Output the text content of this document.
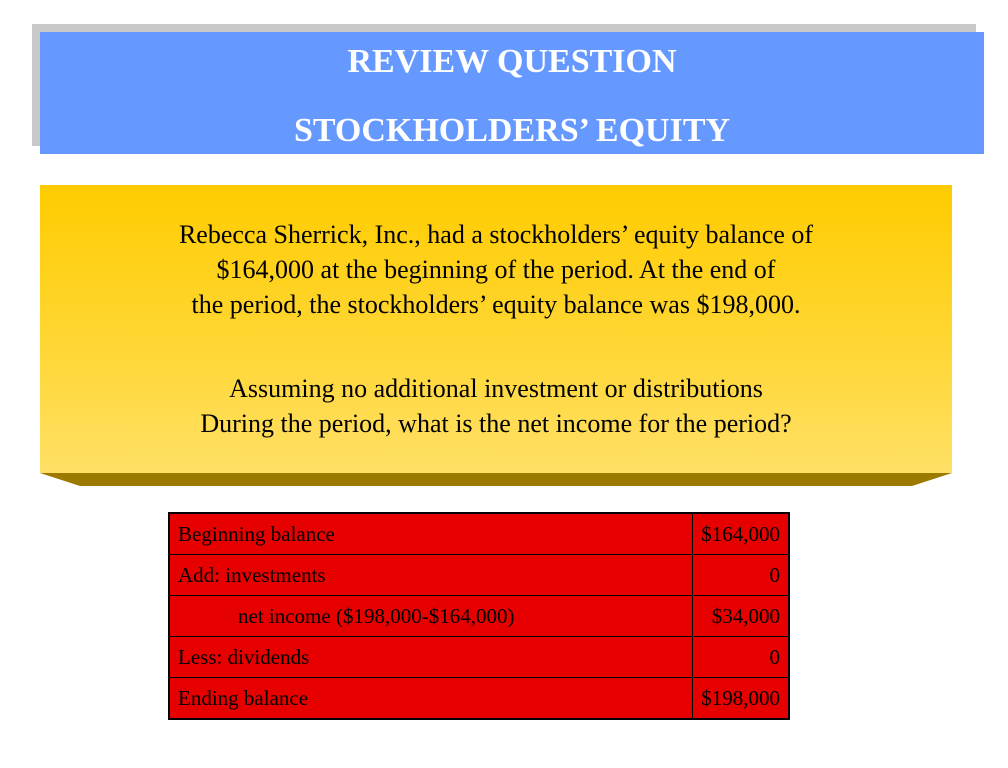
REVIEW QUESTION
STOCKHOLDERS’ EQUITY
Rebecca Sherrick, Inc., had a stockholders’ equity balance of
$164,000 at the beginning of the period. At the end of
the period, the stockholders’ equity balance was $198,000.
Assuming no additional investment or distributions
During the period, what is the net income for the period?
Beginning balance	$164,000
Add: investments	0
net income ($198,000-$164,000)	$34,000
Less: dividends	0
Ending balance	$198,000
